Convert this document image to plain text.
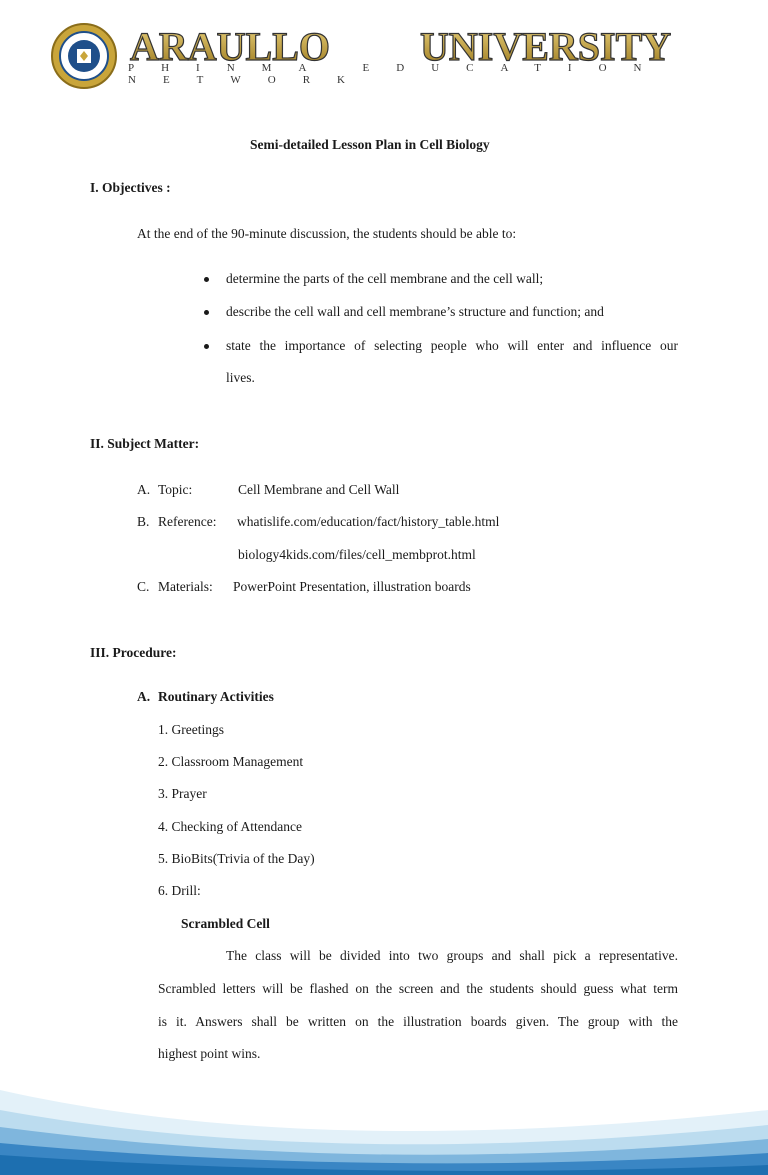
ARAULLO UNIVERSITY
PHINMA EDUCATION NETWORK
Semi-detailed Lesson Plan in Cell Biology
I. Objectives :
At the end of the 90-minute discussion, the students should be able to:
determine the parts of the cell membrane and the cell wall;
describe the cell wall and cell membrane’s structure and function; and
state the importance of selecting people who will enter and influence our
lives.
II. Subject Matter:
A. Topic:	Cell Membrane and Cell Wall
B. Reference: whatislife.com/education/fact/history_table.html
biology4kids.com/files/cell_membprot.html
C. Materials: PowerPoint Presentation, illustration boards
III. Procedure:
A. Routinary Activities
1. Greetings
2. Classroom Management
3. Prayer
4. Checking of Attendance
5. BioBits(Trivia of the Day)
6. Drill:
Scrambled Cell
The class will be divided into two groups and shall pick a representative.
Scrambled letters will be flashed on the screen and the students should guess what term
is it. Answers shall be written on the illustration boards given. The group with the
highest point wins.
